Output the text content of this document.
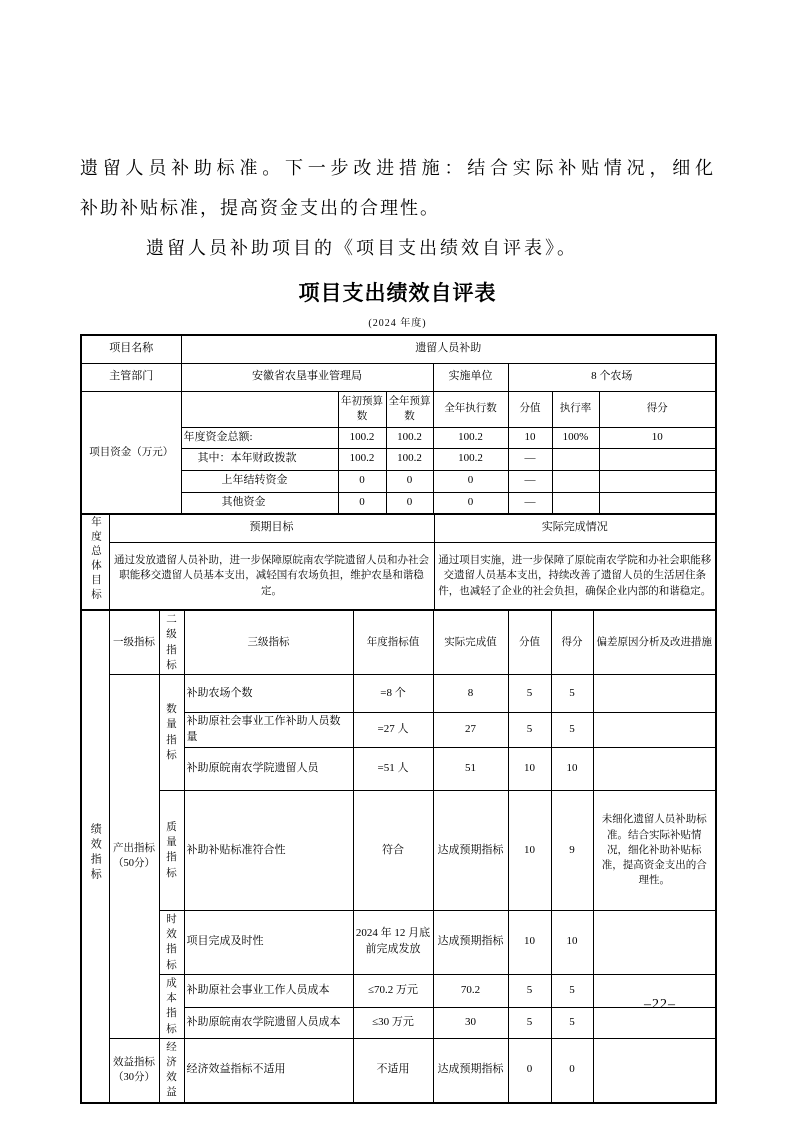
遗留人员补助标准。下一步改进措施：结合实际补贴情况，细化
补助补贴标准，提高资金支出的合理性。
遗留人员补助项目的《项目支出绩效自评表》。
项目支出绩效自评表
(2024 年度)
项目名称	遗留人员补助						
主管部门	安徽省农垦事业管理局			实施单位	8 个农场		
项目资金（万元）		年初预算数	全年预算数	全年执行数	分值	执行率	得分
	年度资金总额:	100.2	100.2	100.2	10	100%	10
	其中：本年财政拨款	100.2	100.2	100.2	—		
	上年结转资金	0	0	0	—		
	其他资金	0	0	0	—		
年度总体目标	预期目标	实际完成情况
	通过发放遗留人员补助，进一步保障原皖南农学院遗留人员和办社会职能移交遗留人员基本支出，减轻国有农场负担，维护农垦和谐稳定。	通过项目实施，进一步保障了原皖南农学院和办社会职能移交遗留人员基本支出，持续改善了遗留人员的生活居住条件，也减轻了企业的社会负担，确保企业内部的和谐稳定。
绩效指标	一级指标	二级指标	三级指标	年度指标值	实际完成值	分值	得分	偏差原因分析及改进措施
	产出指标（50分）	数量指标	补助农场个数	=8 个	8	5	5	
			补助原社会事业工作补助人员数量	=27 人	27	5	5	
			补助原皖南农学院遗留人员	=51 人	51	10	10	
		质量指标	补助补贴标准符合性	符合	达成预期指标	10	9	未细化遗留人员补助标准。结合实际补贴情况，细化补助补贴标准，提高资金支出的合理性。
		时效指标	项目完成及时性	2024 年 12 月底前完成发放	达成预期指标	10	10	
		成本指标	补助原社会事业工作人员成本	≤70.2 万元	70.2	5	5	
			补助原皖南农学院遗留人员成本	≤30 万元	30	5	5	
	效益指标（30分）	经济效益	经济效益指标不适用	不适用	达成预期指标	0	0	
–22–
